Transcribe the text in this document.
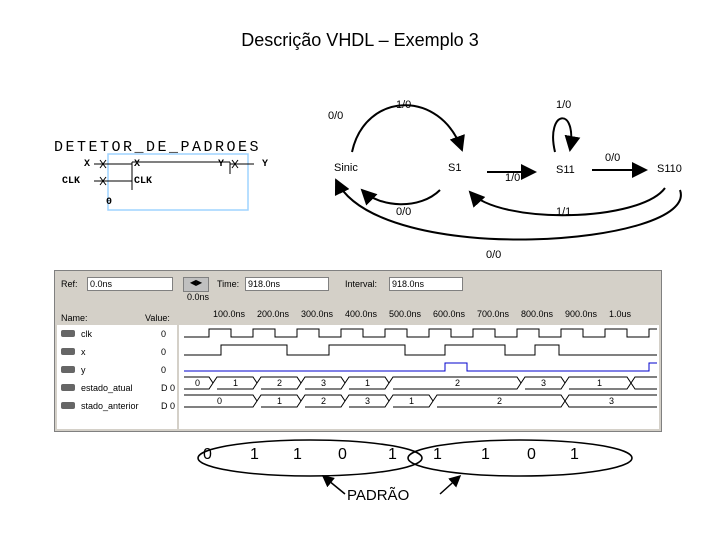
Descrição VHDL – Exemplo 3
DETETOR_DE_PADROES
X
CLK
X
CLK
Y	Y
0
Sinic	S1	S11	S110
0/0
1/0	1/0
1/0
0/0
0/0	1/1
0/0
Ref:	0.0ns	◀▶	Time: 918.0ns	Interval:	918.0ns
0.0ns
Name:	Value:	100.0ns 200.0ns 300.0ns 400.0ns 500.0ns 600.0ns 700.0ns 800.0ns 900.0ns 1.0us
clk	0
x	0
y	0
estado_atual	D 0
stado_anterior D 0
0	1	2	3	1	2	3	1
0	1	2	3	1	2	3
0 1 1 0	1 1 1 0 1
PADRÃO
